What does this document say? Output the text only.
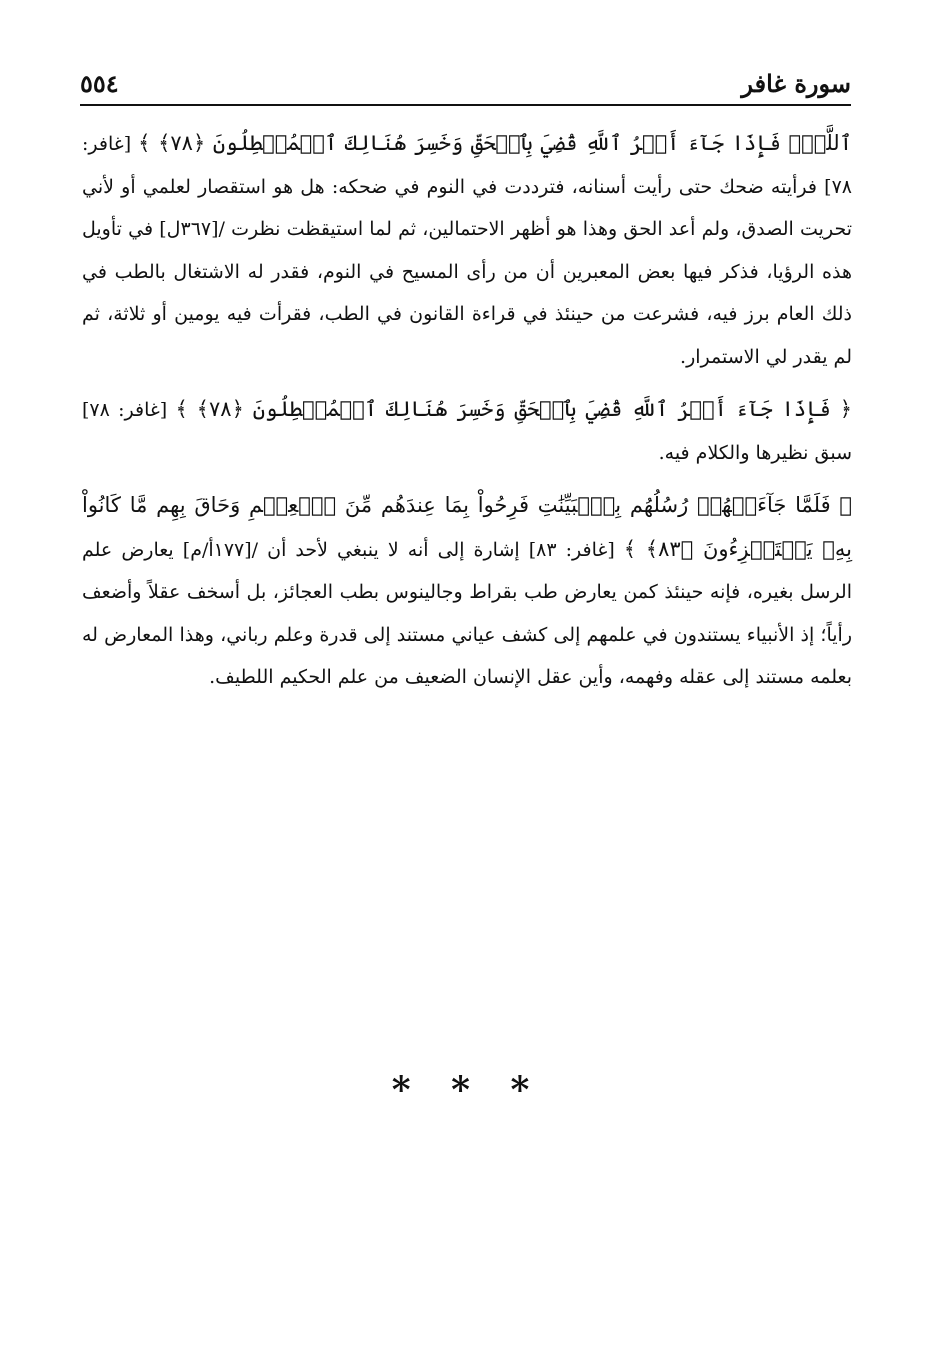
سورة غافر
٥٥٤

ٱللَّهِۚ فَإِذَا جَآءَ أَمۡرُ ٱللَّهِ قُضِيَ بِٱلۡحَقِّ وَخَسِرَ هُنَالِكَ ٱلۡمُبۡطِلُونَ ﴿٧٨﴾ ﴾ [غافر: ٧٨] فرأيته ضحك حتى رأيت أسنانه، فترددت في النوم في ضحكه: هل هو استقصار لعلمي أو لأني تحريت الصدق، ولم أعد الحق وهذا هو أظهر الاحتمالين، ثم لما استيقظت نظرت /[٣٦٧ل] في تأويل هذه الرؤيا، فذكر فيها بعض المعبرين أن من رأى المسيح في النوم، فقدر له الاشتغال بالطب في ذلك العام برز فيه، فشرعت من حينئذ في قراءة القانون في الطب، فقرأت فيه يومين أو ثلاثة، ثم لم يقدر لي الاستمرار.

﴿ فَإِذَا جَآءَ أَمۡرُ ٱللَّهِ قُضِيَ بِٱلۡحَقِّ وَخَسِرَ هُنَالِكَ ٱلۡمُبۡطِلُونَ ﴿٧٨﴾ ﴾ [غافر: ٧٨] سبق نظيرها والكلام فيه.

﴿ فَلَمَّا جَآءَتۡهُمۡ رُسُلُهُم بِٱلۡبَيِّنَٰتِ فَرِحُواْ بِمَا عِندَهُم مِّنَ ٱلۡعِلۡمِ وَحَاقَ بِهِم مَّا كَانُواْ بِهِۦ يَسۡتَهۡزِءُونَ ﴿٨٣﴾ ﴾ [غافر: ٨٣] إشارة إلى أنه لا ينبغي لأحد أن /[١٧٧أ/م] يعارض علم الرسل بغيره، فإنه حينئذ كمن يعارض طب بقراط وجالينوس بطب العجائز، بل أسخف عقلاً وأضعف رأياً؛ إذ الأنبياء يستندون في علمهم إلى كشف عياني مستند إلى قدرة وعلم رباني، وهذا المعارض له بعلمه مستند إلى عقله وفهمه، وأين عقل الإنسان الضعيف من علم الحكيم اللطيف.

* * *
